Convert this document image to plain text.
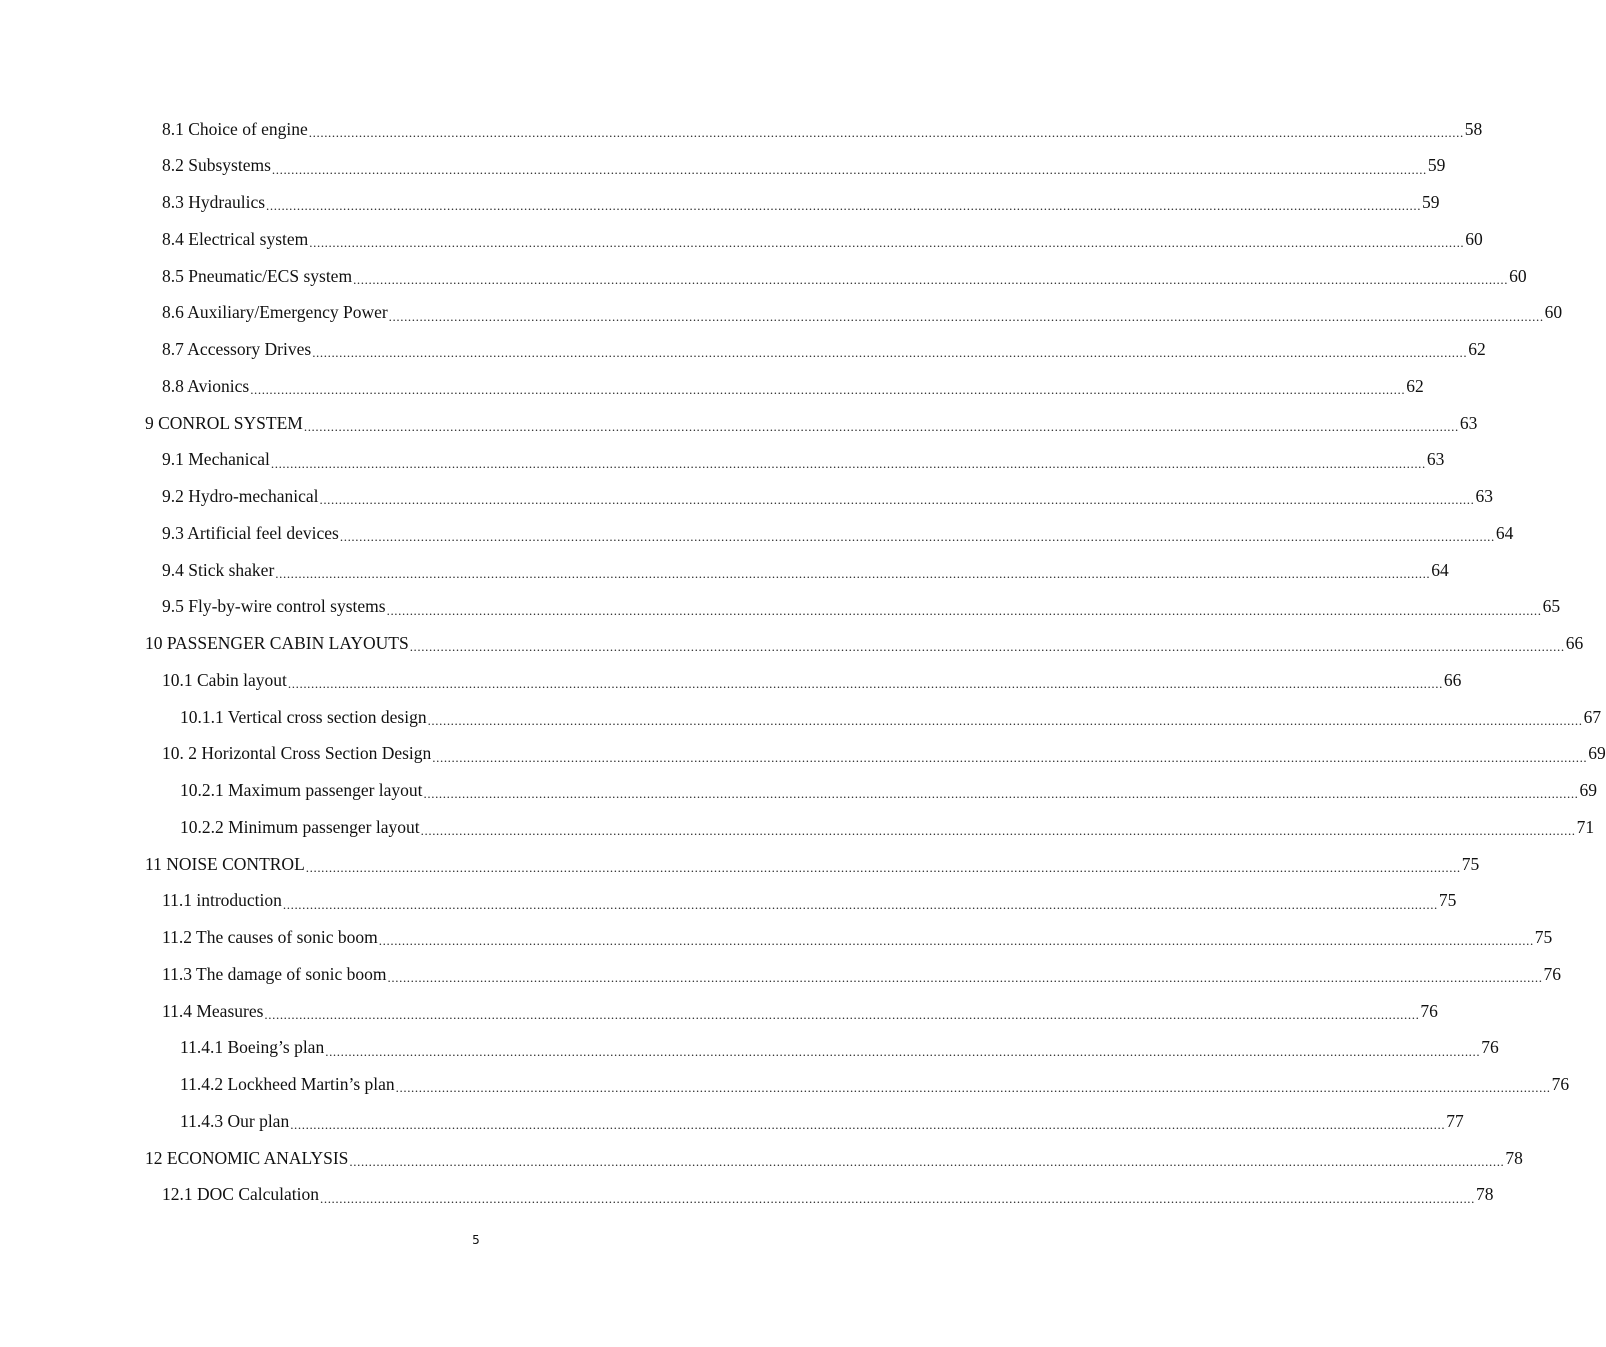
8.1 Choice of engine ............................................................................................................................................................................................................................................................................................................ 58
8.2 Subsystems ............................................................................................................................................................................................................................................................................................................ 59
8.3 Hydraulics ............................................................................................................................................................................................................................................................................................................ 59
8.4 Electrical system ............................................................................................................................................................................................................................................................................................................ 60
8.5 Pneumatic/ECS system ............................................................................................................................................................................................................................................................................................................ 60
8.6 Auxiliary/Emergency Power ............................................................................................................................................................................................................................................................................................................ 60
8.7 Accessory Drives ............................................................................................................................................................................................................................................................................................................ 62
8.8 Avionics ............................................................................................................................................................................................................................................................................................................ 62
9 CONROL SYSTEM ............................................................................................................................................................................................................................................................................................................ 63
9.1 Mechanical ............................................................................................................................................................................................................................................................................................................ 63
9.2 Hydro-mechanical ............................................................................................................................................................................................................................................................................................................ 63
9.3 Artificial feel devices ............................................................................................................................................................................................................................................................................................................ 64
9.4 Stick shaker ............................................................................................................................................................................................................................................................................................................ 64
9.5 Fly-by-wire control systems ............................................................................................................................................................................................................................................................................................................ 65
10 PASSENGER CABIN LAYOUTS ............................................................................................................................................................................................................................................................................................................ 66
10.1 Cabin layout ............................................................................................................................................................................................................................................................................................................ 66
10.1.1 Vertical cross section design ............................................................................................................................................................................................................................................................................................................ 67
10. 2 Horizontal Cross Section Design ............................................................................................................................................................................................................................................................................................................ 69
10.2.1 Maximum passenger layout ............................................................................................................................................................................................................................................................................................................ 69
10.2.2 Minimum passenger layout ............................................................................................................................................................................................................................................................................................................ 71
11 NOISE CONTROL ............................................................................................................................................................................................................................................................................................................ 75
11.1 introduction ............................................................................................................................................................................................................................................................................................................ 75
11.2 The causes of sonic boom ............................................................................................................................................................................................................................................................................................................ 75
11.3 The damage of sonic boom ............................................................................................................................................................................................................................................................................................................ 76
11.4 Measures ............................................................................................................................................................................................................................................................................................................ 76
11.4.1 Boeing’s plan ............................................................................................................................................................................................................................................................................................................ 76
11.4.2 Lockheed Martin’s plan ............................................................................................................................................................................................................................................................................................................ 76
11.4.3 Our plan ............................................................................................................................................................................................................................................................................................................ 77
12 ECONOMIC ANALYSIS ............................................................................................................................................................................................................................................................................................................ 78
12.1 DOC Calculation ............................................................................................................................................................................................................................................................................................................ 78
5
